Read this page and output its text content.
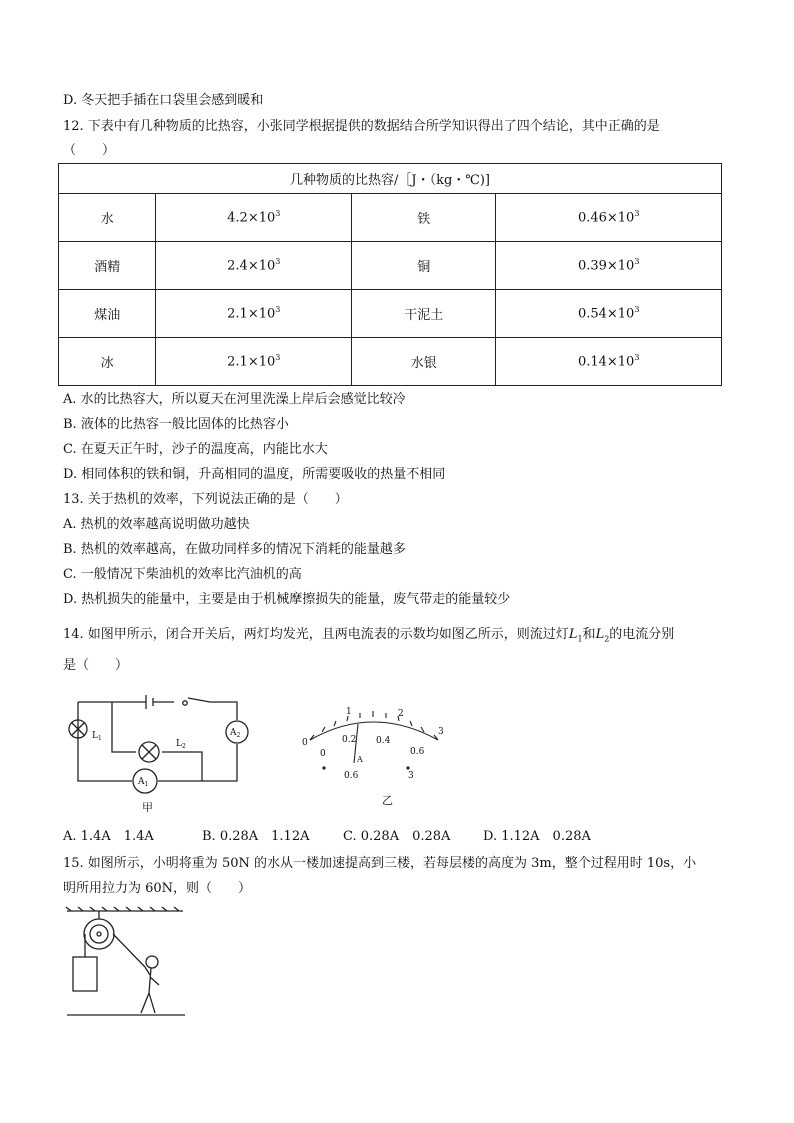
D. 冬天把手插在口袋里会感到暖和
12. 下表中有几种物质的比热容，小张同学根据提供的数据结合所学知识得出了四个结论，其中正确的是
（　　）
几种物质的比热容/［J・（kg・℃)]			
水	$4.2\times 10^3$	铁	$0.46\times 10^3$
酒精	$2.4\times 10^3$	铜	$0.39\times 10^3$
煤油	$2.1\times 10^3$	干泥土	$0.54\times 10^3$
冰	$2.1\times 10^3$	水银	$0.14\times 10^3$
A. 水的比热容大，所以夏天在河里洗澡上岸后会感觉比较冷
B. 液体的比热容一般比固体的比热容小
C. 在夏天正午时，沙子的温度高，内能比水大
D. 相同体积的铁和铜，升高相同的温度，所需要吸收的热量不相同
13. 关于热机的效率，下列说法正确的是（　　）
A. 热机的效率越高说明做功越快
B. 热机的效率越高，在做功同样多的情况下消耗的能量越多
C. 一般情况下柴油机的效率比汽油机的高
D. 热机损失的能量中，主要是由于机械摩擦损失的能量，废气带走的能量较少
14. 如图甲所示，闭合开关后，两灯均发光，且两电流表的示数均如图乙所示，则流过灯$L_1$和$L_2$的电流分别
是（　　）
$L_1$
$L_2$
$A_2$
$A_1$
甲
0
1	2
3
0
0.2 0.4
0.6
A
0.6	3
乙
A. 1.4A　1.4A	B. 0.28A　1.12A	C. 0.28A　0.28A	D. 1.12A　0.28A
15. 如图所示，小明将重为 50N 的水从一楼加速提高到三楼，若每层楼的高度为 3m，整个过程用时 10s，小
明所用拉力为 60N，则（　　）
